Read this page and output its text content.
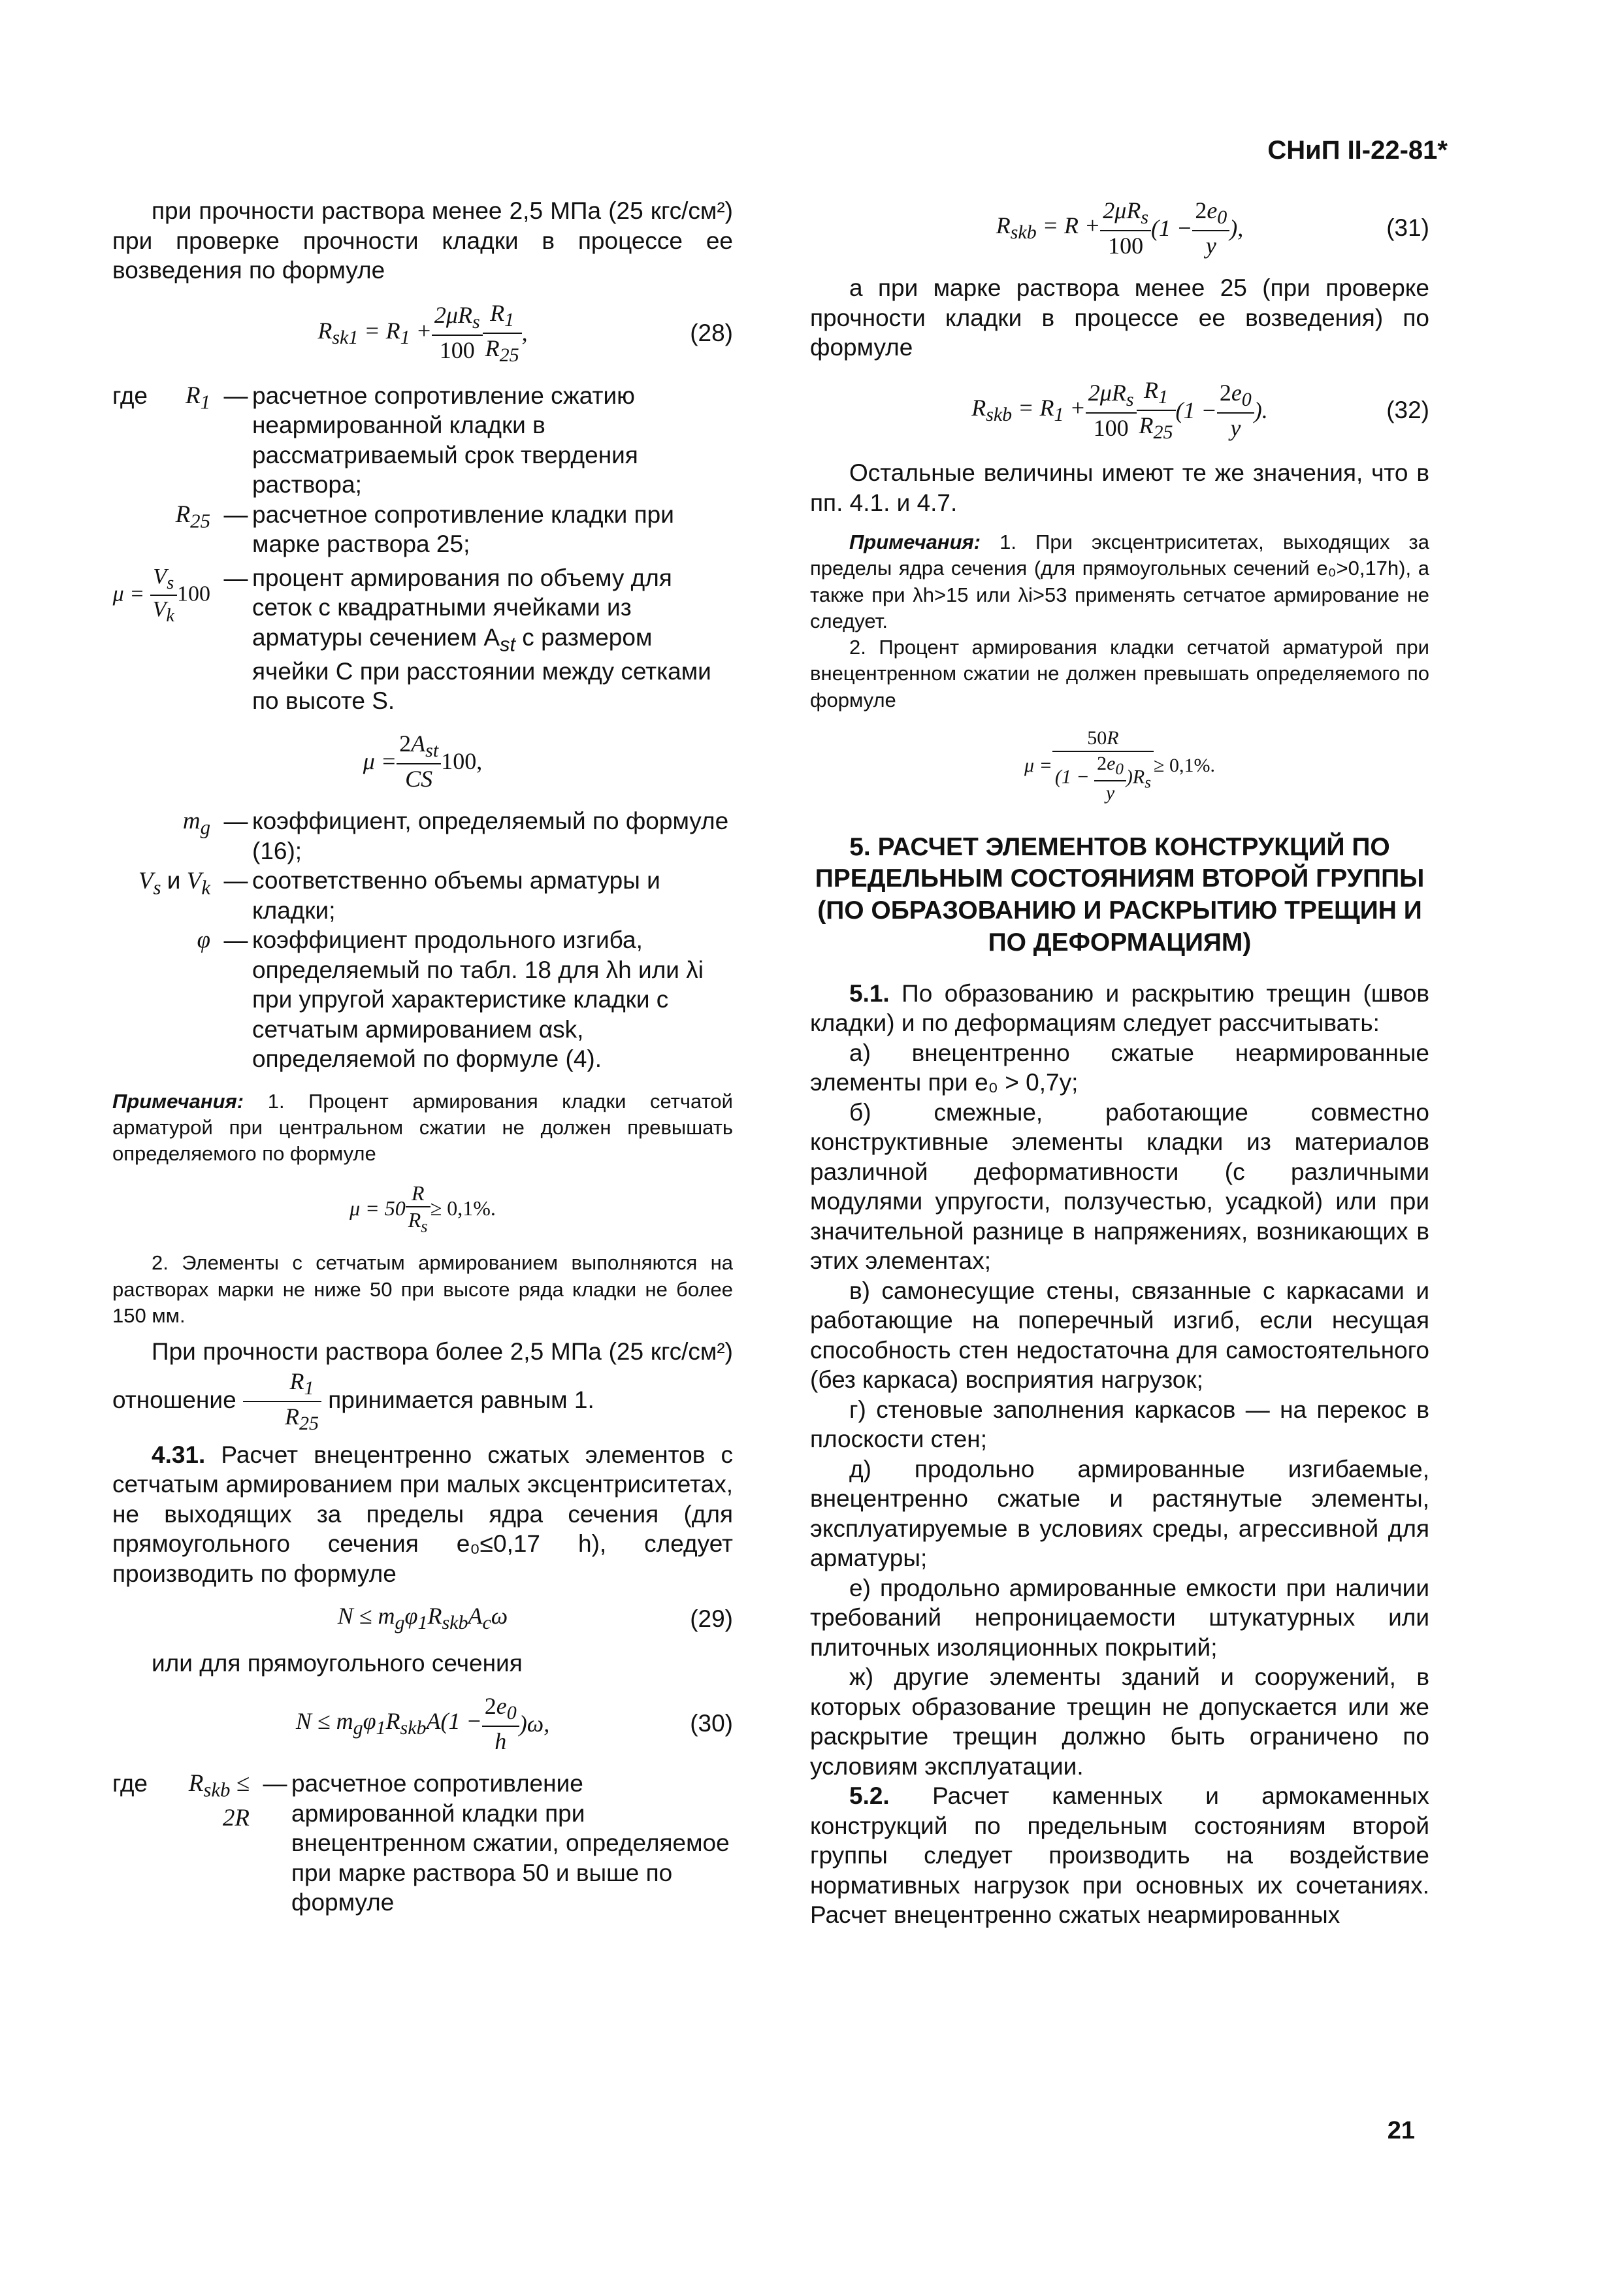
СНиП II-22-81*

при прочности раствора менее 2,5 МПа (25 кгс/см²) при проверке прочности кладки в процессе ее возведения по формуле

$R_{sk1} = R_1 + \frac{2\mu R_s}{100} \frac{R_1}{R_{25}}$ ,	(28)
где	$R_1$ — расчетное сопротивление сжатию неармированной кладки в рассматриваемый срок твердения раствора;
$R_{25}$ — расчетное сопротивление кладки при марке раствора 25;
$\mu = \frac{V_s}{V_k} 100$
— процент армирования по объему для сеток с квадратными ячейками из арматуры сечением $A_{st}$ с размером ячейки C при расстоянии между сетками по высоте S.
$\mu = \frac{2A_{st}}{CS} 100$,
$m_g$ — коэффициент, определяемый по формуле (16);
$V_s$ и $V_k$ — соответственно объемы арматуры и кладки;
φ — коэффициент продольного изгиба, определяемый по табл. 18 для λh или λi при упругой характеристике кладки с сетчатым армированием αsk, определяемой по формуле (4).
Примечания: 1. Процент армирования кладки сетчатой арматурой при центральном сжатии не должен превышать определяемого по формуле
$\mu = 50 \frac{R}{R_s} \ge 0,1\%$.

2. Элементы с сетчатым армированием выполняются на растворах марки не ниже 50 при высоте ряда кладки не более 150 мм.

При прочности раствора более 2,5 МПа (25 кгс/см²) отношение $\frac{R_1}{R_{25}}$ принимается равным 1.

4.31. Расчет внецентренно сжатых элементов с сетчатым армированием при малых эксцентриситетах, не выходящих за пределы ядра сечения (для прямоугольного сечения e₀≤0,17 h), следует производить по формуле

$N \le m_g\varphi_1R_{skb}A_c\omega$	(29)

или для прямоугольного сечения

$N \le m_g\varphi_1R_{skb}A(1 - \frac{2e_0}{h} )\omega$,	(30)
где	$R_{skb} \le 2R$
— расчетное сопротивление армированной кладки при внецентренном сжатии, определяемое при марке раствора 50 и выше по формуле
$R_{skb} = R + \frac{2\mu R_s}{100} (1 - \frac{2e_0}{y}$ ),	(31)

а при марке раствора менее 25 (при проверке прочности кладки в процессе ее возведения) по формуле

$R_{skb} = R_1 + \frac{2\mu R_s}{100} \frac{R_1}{R_{25}} (1 - \frac{2e_0}{y}$ ).	(32)

Остальные величины имеют те же значения, что в пп. 4.1. и 4.7.

Примечания: 1. При эксцентриситетах, выходящих за пределы ядра сечения (для прямоугольных сечений e₀>0,17h), а также при λh>15 или λi>53 применять сетчатое армирование не следует.

2. Процент армирования кладки сетчатой арматурой при внецентренном сжатии не должен превышать определяемого по формуле

$\mu = \frac{50R}{(1 - \frac{2e_0}{y} )R_s} \ge 0,1\%$.
5. РАСЧЕТ ЭЛЕМЕНТОВ КОНСТРУКЦИЙ ПО ПРЕДЕЛЬНЫМ СОСТОЯНИЯМ ВТОРОЙ ГРУППЫ (ПО ОБРАЗОВАНИЮ И РАСКРЫТИЮ ТРЕЩИН И ПО ДЕФОРМАЦИЯМ)

5.1. По образованию и раскрытию трещин (швов кладки) и по деформациям следует рассчитывать:

а) внецентренно сжатые неармированные элементы при e₀ > 0,7y;

б) смежные, работающие совместно конструктивные элементы кладки из материалов различной деформативности (с различными модулями упругости, ползучестью, усадкой) или при значительной разнице в напряжениях, возникающих в этих элементах;

в) самонесущие стены, связанные с каркасами и работающие на поперечный изгиб, если несущая способность стен недостаточна для самостоятельного (без каркаса) восприятия нагрузок;

г) стеновые заполнения каркасов — на перекос в плоскости стен;

д) продольно армированные изгибаемые, внецентренно сжатые и растянутые элементы, эксплуатируемые в условиях среды, агрессивной для арматуры;

е) продольно армированные емкости при наличии требований непроницаемости штукатурных или плиточных изоляционных покрытий;

ж) другие элементы зданий и сооружений, в которых образование трещин не допускается или же раскрытие трещин должно быть ограничено по условиям эксплуатации.

5.2. Расчет каменных и армокаменных конструкций по предельным состояниям второй группы следует производить на воздействие нормативных нагрузок при основных их сочетаниях. Расчет внецентренно сжатых неармированных

21
